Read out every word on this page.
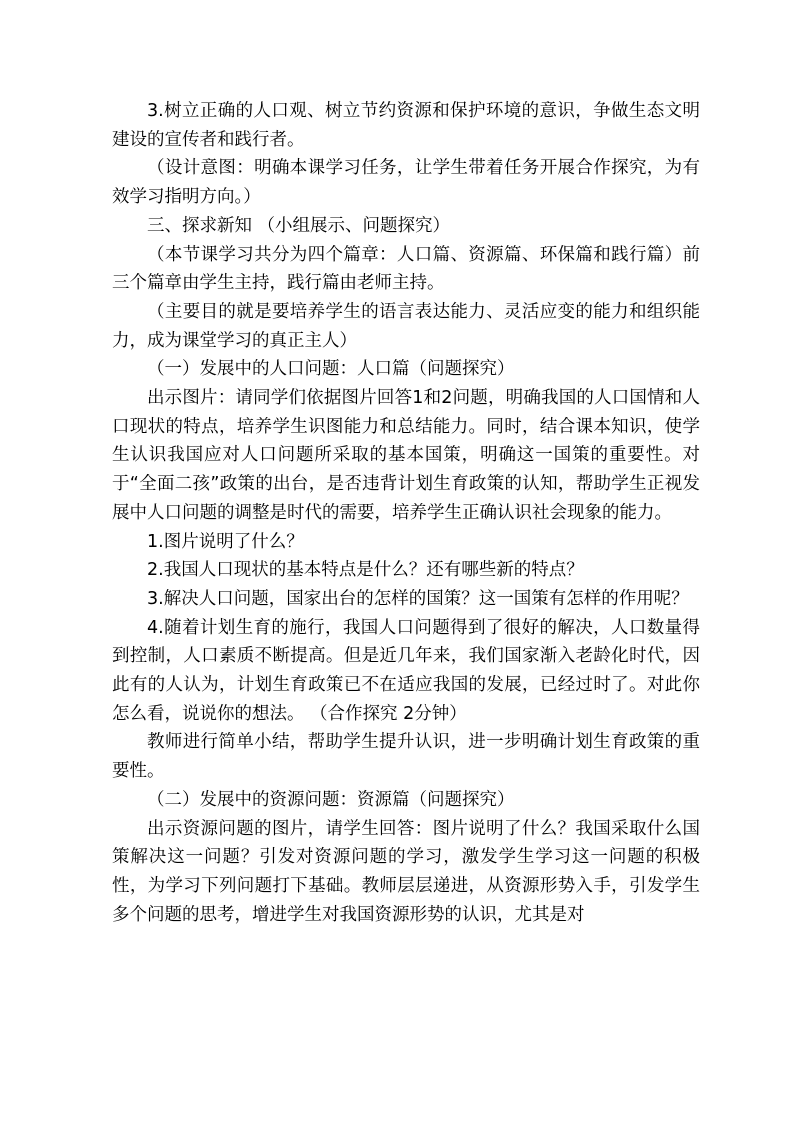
3.树立正确的人口观、树立节约资源和保护环境的意识，争做生态文明建设的宣传者和践行者。

（设计意图：明确本课学习任务，让学生带着任务开展合作探究，为有效学习指明方向。）

三、探求新知 （小组展示、问题探究）

（本节课学习共分为四个篇章：人口篇、资源篇、环保篇和践行篇）前三个篇章由学生主持，践行篇由老师主持。

（主要目的就是要培养学生的语言表达能力、灵活应变的能力和组织能力，成为课堂学习的真正主人）

（一）发展中的人口问题：人口篇（问题探究）

出示图片：请同学们依据图片回答1和2问题，明确我国的人口国情和人口现状的特点，培养学生识图能力和总结能力。同时，结合课本知识，使学生认识我国应对人口问题所采取的基本国策，明确这一国策的重要性。对于“全面二孩”政策的出台，是否违背计划生育政策的认知，帮助学生正视发展中人口问题的调整是时代的需要，培养学生正确认识社会现象的能力。

1.图片说明了什么？

2.我国人口现状的基本特点是什么？还有哪些新的特点？

3.解决人口问题，国家出台的怎样的国策？这一国策有怎样的作用呢？

4.随着计划生育的施行，我国人口问题得到了很好的解决，人口数量得到控制，人口素质不断提高。但是近几年来，我们国家渐入老龄化时代，因此有的人认为，计划生育政策已不在适应我国的发展，已经过时了。对此你怎么看，说说你的想法。 （合作探究 2分钟）

教师进行简单小结，帮助学生提升认识，进一步明确计划生育政策的重要性。

（二）发展中的资源问题：资源篇（问题探究）

出示资源问题的图片，请学生回答：图片说明了什么？我国采取什么国策解决这一问题？引发对资源问题的学习，激发学生学习这一问题的积极性，为学习下列问题打下基础。教师层层递进，从资源形势入手，引发学生多个问题的思考，增进学生对我国资源形势的认识，尤其是对
